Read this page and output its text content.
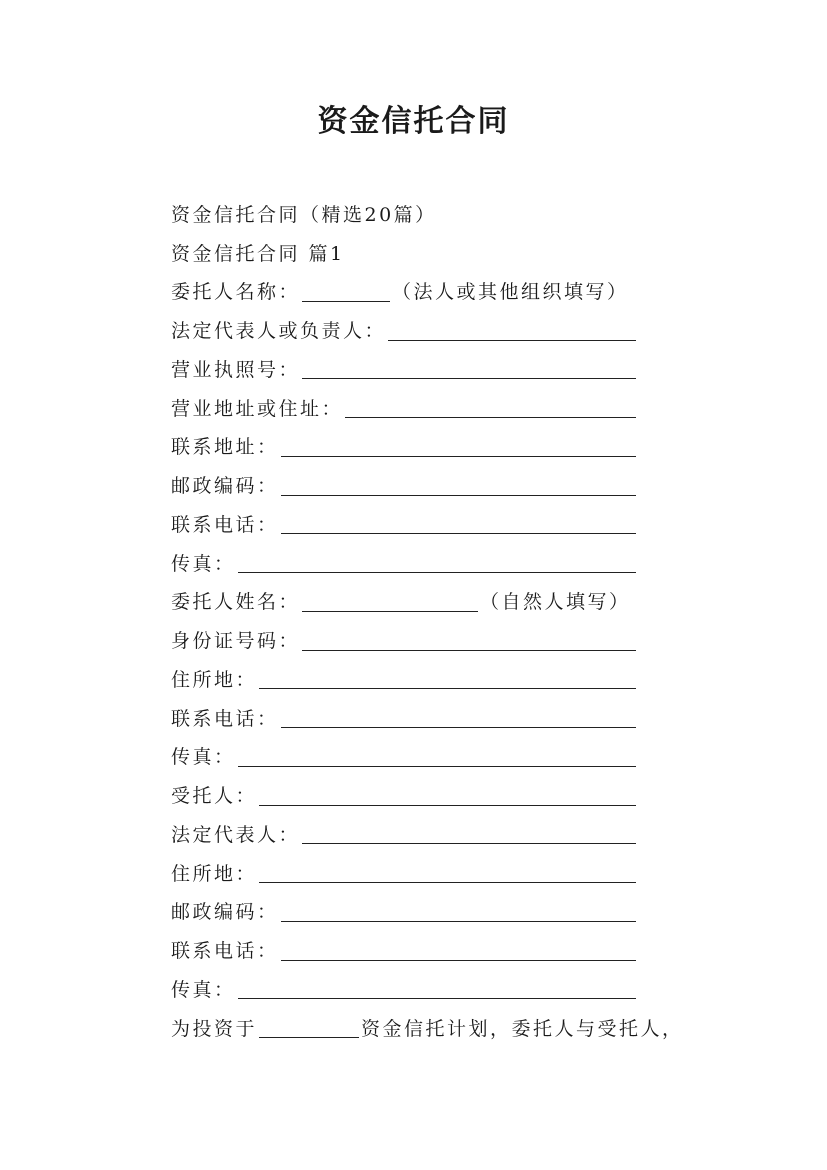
资金信托合同
资金信托合同（精选20篇）
资金信托合同 篇1
委托人名称：	（法人或其他组织填写）
法定代表人或负责人：
营业执照号：
营业地址或住址：
联系地址：
邮政编码：
联系电话：
传真：
委托人姓名：	（自然人填写）
身份证号码：
住所地：
联系电话：
传真：
受托人：
法定代表人：
住所地：
邮政编码：
联系电话：
传真：
为投资于	资金信托计划，委托人与受托人，
